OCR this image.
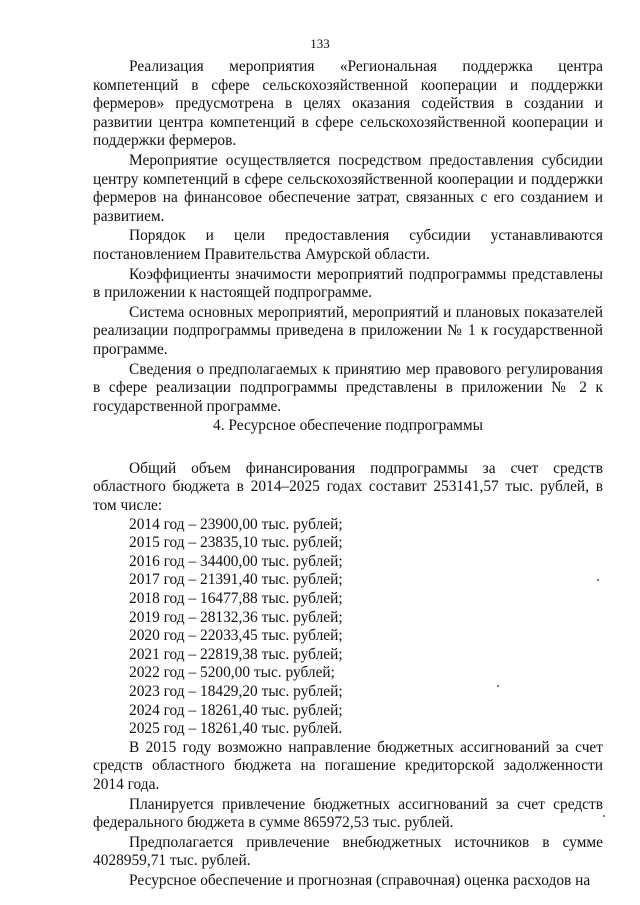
133

Реализация мероприятия «Региональная поддержка центра компетенций в сфере сельскохозяйственной кооперации и поддержки фермеров» предусмотрена в целях оказания содействия в создании и развитии центра компетенций в сфере сельскохозяйственной кооперации и поддержки фермеров.

Мероприятие осуществляется посредством предоставления субсидии центру компетенций в сфере сельскохозяйственной кооперации и поддержки фермеров на финансовое обеспечение затрат, связанных с его созданием и развитием.

Порядок и цели предоставления субсидии устанавливаются постановлением Правительства Амурской области.

Коэффициенты значимости мероприятий подпрограммы представлены в приложении к настоящей подпрограмме.

Система основных мероприятий, мероприятий и плановых показателей реализации подпрограммы приведена в приложении № 1 к государственной программе.

Сведения о предполагаемых к принятию мер правового регулирования в сфере реализации подпрограммы представлены в приложении № 2 к государственной программе.

4. Ресурсное обеспечение подпрограммы

Общий объем финансирования подпрограммы за счет средств областного бюджета в 2014–2025 годах составит 253141,57 тыс. рублей, в том числе:

2014 год – 23900,00 тыс. рублей;
2015 год – 23835,10 тыс. рублей;
2016 год – 34400,00 тыс. рублей;
2017 год – 21391,40 тыс. рублей;
2018 год – 16477,88 тыс. рублей;
2019 год – 28132,36 тыс. рублей;
2020 год – 22033,45 тыс. рублей;
2021 год – 22819,38 тыс. рублей;
2022 год – 5200,00 тыс. рублей;
2023 год – 18429,20 тыс. рублей;
2024 год – 18261,40 тыс. рублей;
2025 год – 18261,40 тыс. рублей.

В 2015 году возможно направление бюджетных ассигнований за счет средств областного бюджета на погашение кредиторской задолженности 2014 года.

Планируется привлечение бюджетных ассигнований за счет средств федерального бюджета в сумме 865972,53 тыс. рублей.

Предполагается привлечение внебюджетных источников в сумме 4028959,71 тыс. рублей.

Ресурсное обеспечение и прогнозная (справочная) оценка расходов на
